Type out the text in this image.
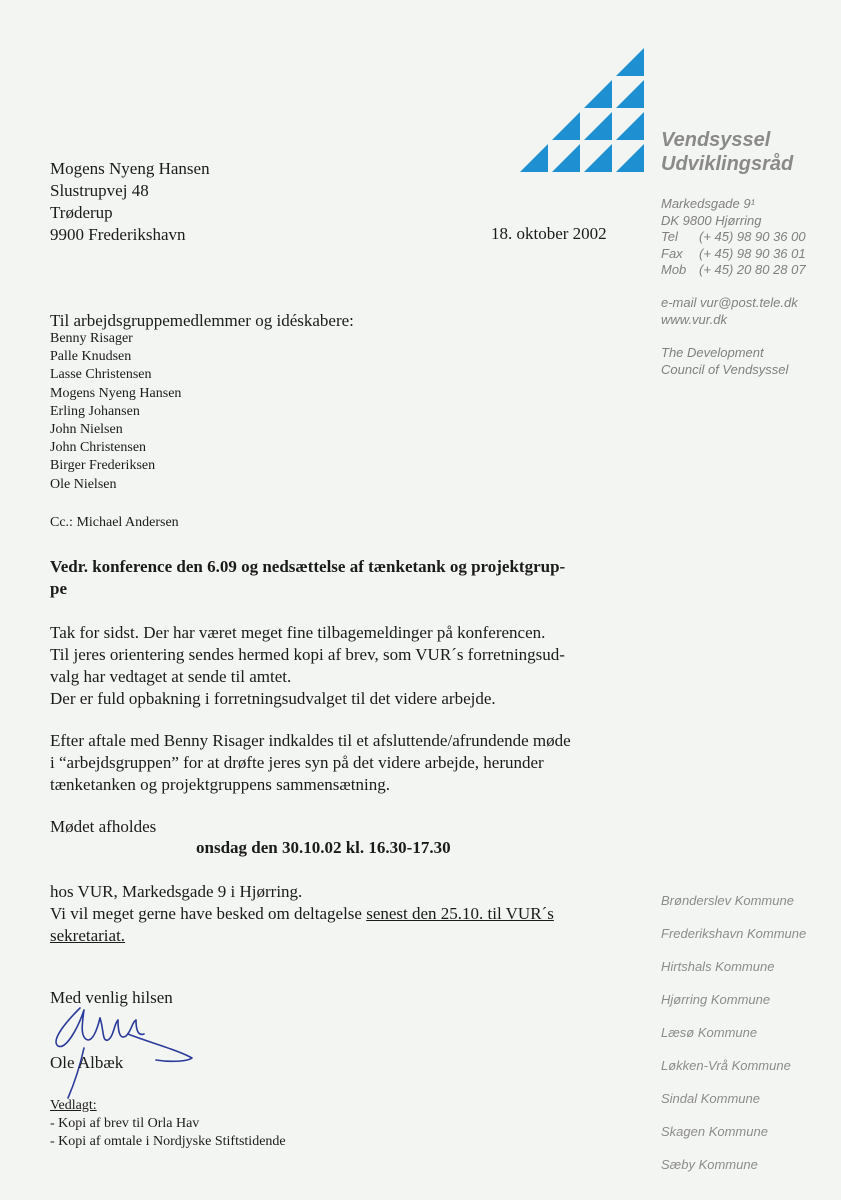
Vendsyssel
Udviklingsråd
Markedsgade 9¹
DK 9800 Hjørring
Tel (+ 45) 98 90 36 00
Fax (+ 45) 98 90 36 01
Mob (+ 45) 20 80 28 07
e-mail vur@post.tele.dk
www.vur.dk
The Development
Council of Vendsyssel
Brønderslev Kommune
Frederikshavn Kommune
Hirtshals Kommune
Hjørring Kommune
Læsø Kommune
Løkken-Vrå Kommune
Sindal Kommune
Skagen Kommune
Sæby Kommune
Mogens Nyeng Hansen
Slustrupvej 48
Trøderup
9900 Frederikshavn	18. oktober 2002
Til arbejdsgruppemedlemmer og idéskabere:
Benny Risager
Palle Knudsen
Lasse Christensen
Mogens Nyeng Hansen
Erling Johansen
John Nielsen
John Christensen
Birger Frederiksen
Ole Nielsen
Cc.: Michael Andersen
Vedr. konference den 6.09 og nedsættelse af tænketank og projektgrup-
pe
Tak for sidst. Der har været meget fine tilbagemeldinger på konferencen.
Til jeres orientering sendes hermed kopi af brev, som VUR´s forretningsud-
valg har vedtaget at sende til amtet.
Der er fuld opbakning i forretningsudvalget til det videre arbejde.
Efter aftale med Benny Risager indkaldes til et afsluttende/afrundende møde
i “arbejdsgruppen” for at drøfte jeres syn på det videre arbejde, herunder
tænketanken og projektgruppens sammensætning.
Mødet afholdes
onsdag den 30.10.02 kl. 16.30-17.30
hos VUR, Markedsgade 9 i Hjørring.
Vi vil meget gerne have besked om deltagelse senest den 25.10. til VUR´s
sekretariat.
Med venlig hilsen
Ole Albæk
Vedlagt:
- Kopi af brev til Orla Hav
- Kopi af omtale i Nordjyske Stiftstidende
